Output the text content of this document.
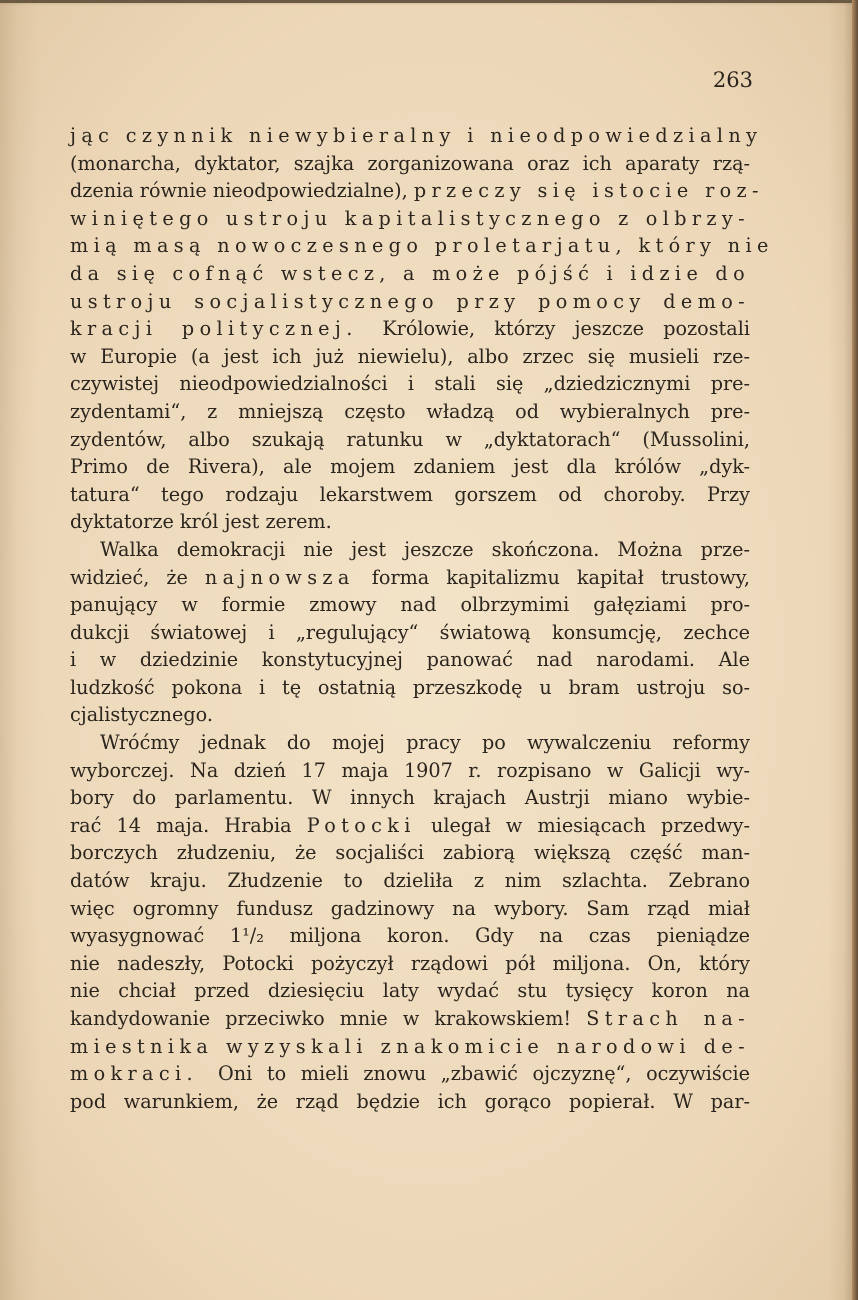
263
jąc czynnik niewybieralny i nieodpowiedzialny
(monarcha, dyktator, szajka zorganizowana oraz ich aparaty rzą-
dzenia równie nieodpowiedzialne), przeczy się istocie roz-
winiętego ustroju kapitalistycznego z olbrzy-
mią masą nowoczesnego proletarjatu, który nie
da się cofnąć wstecz, a może pójść i idzie do
ustroju socjalistycznego przy pomocy demo-
kracji politycznej. Królowie, którzy jeszcze pozostali
w Europie (a jest ich już niewielu), albo zrzec się musieli rze-
czywistej nieodpowiedzialności i stali się „dziedzicznymi pre-
zydentami“, z mniejszą często władzą od wybieralnych pre-
zydentów, albo szukają ratunku w „dyktatorach“ (Mussolini,
Primo de Rivera), ale mojem zdaniem jest dla królów „dyk-
tatura“ tego rodzaju lekarstwem gorszem od choroby. Przy
dyktatorze król jest zerem.
Walka demokracji nie jest jeszcze skończona. Można prze-
widzieć, że najnowsza forma kapitalizmu kapitał trustowy,
panujący w formie zmowy nad olbrzymimi gałęziami pro-
dukcji światowej i „regulujący“ światową konsumcję, zechce
i w dziedzinie konstytucyjnej panować nad narodami. Ale
ludzkość pokona i tę ostatnią przeszkodę u bram ustroju so-
cjalistycznego.
Wróćmy jednak do mojej pracy po wywalczeniu reformy
wyborczej. Na dzień 17 maja 1907 r. rozpisano w Galicji wy-
bory do parlamentu. W innych krajach Austrji miano wybie-
rać 14 maja. Hrabia Potocki ulegał w miesiącach przedwy-
borczych złudzeniu, że socjaliści zabiorą większą część man-
datów kraju. Złudzenie to dzieliła z nim szlachta. Zebrano
więc ogromny fundusz gadzinowy na wybory. Sam rząd miał
wyasygnować 1¹/₂ miljona koron. Gdy na czas pieniądze
nie nadeszły, Potocki pożyczył rządowi pół miljona. On, który
nie chciał przed dziesięciu laty wydać stu tysięcy koron na
kandydowanie przeciwko mnie w krakowskiem! Strach na-
miestnika wyzyskali znakomicie narodowi de-
mokraci. Oni to mieli znowu „zbawić ojczyznę“, oczywiście
pod warunkiem, że rząd będzie ich gorąco popierał. W par-
